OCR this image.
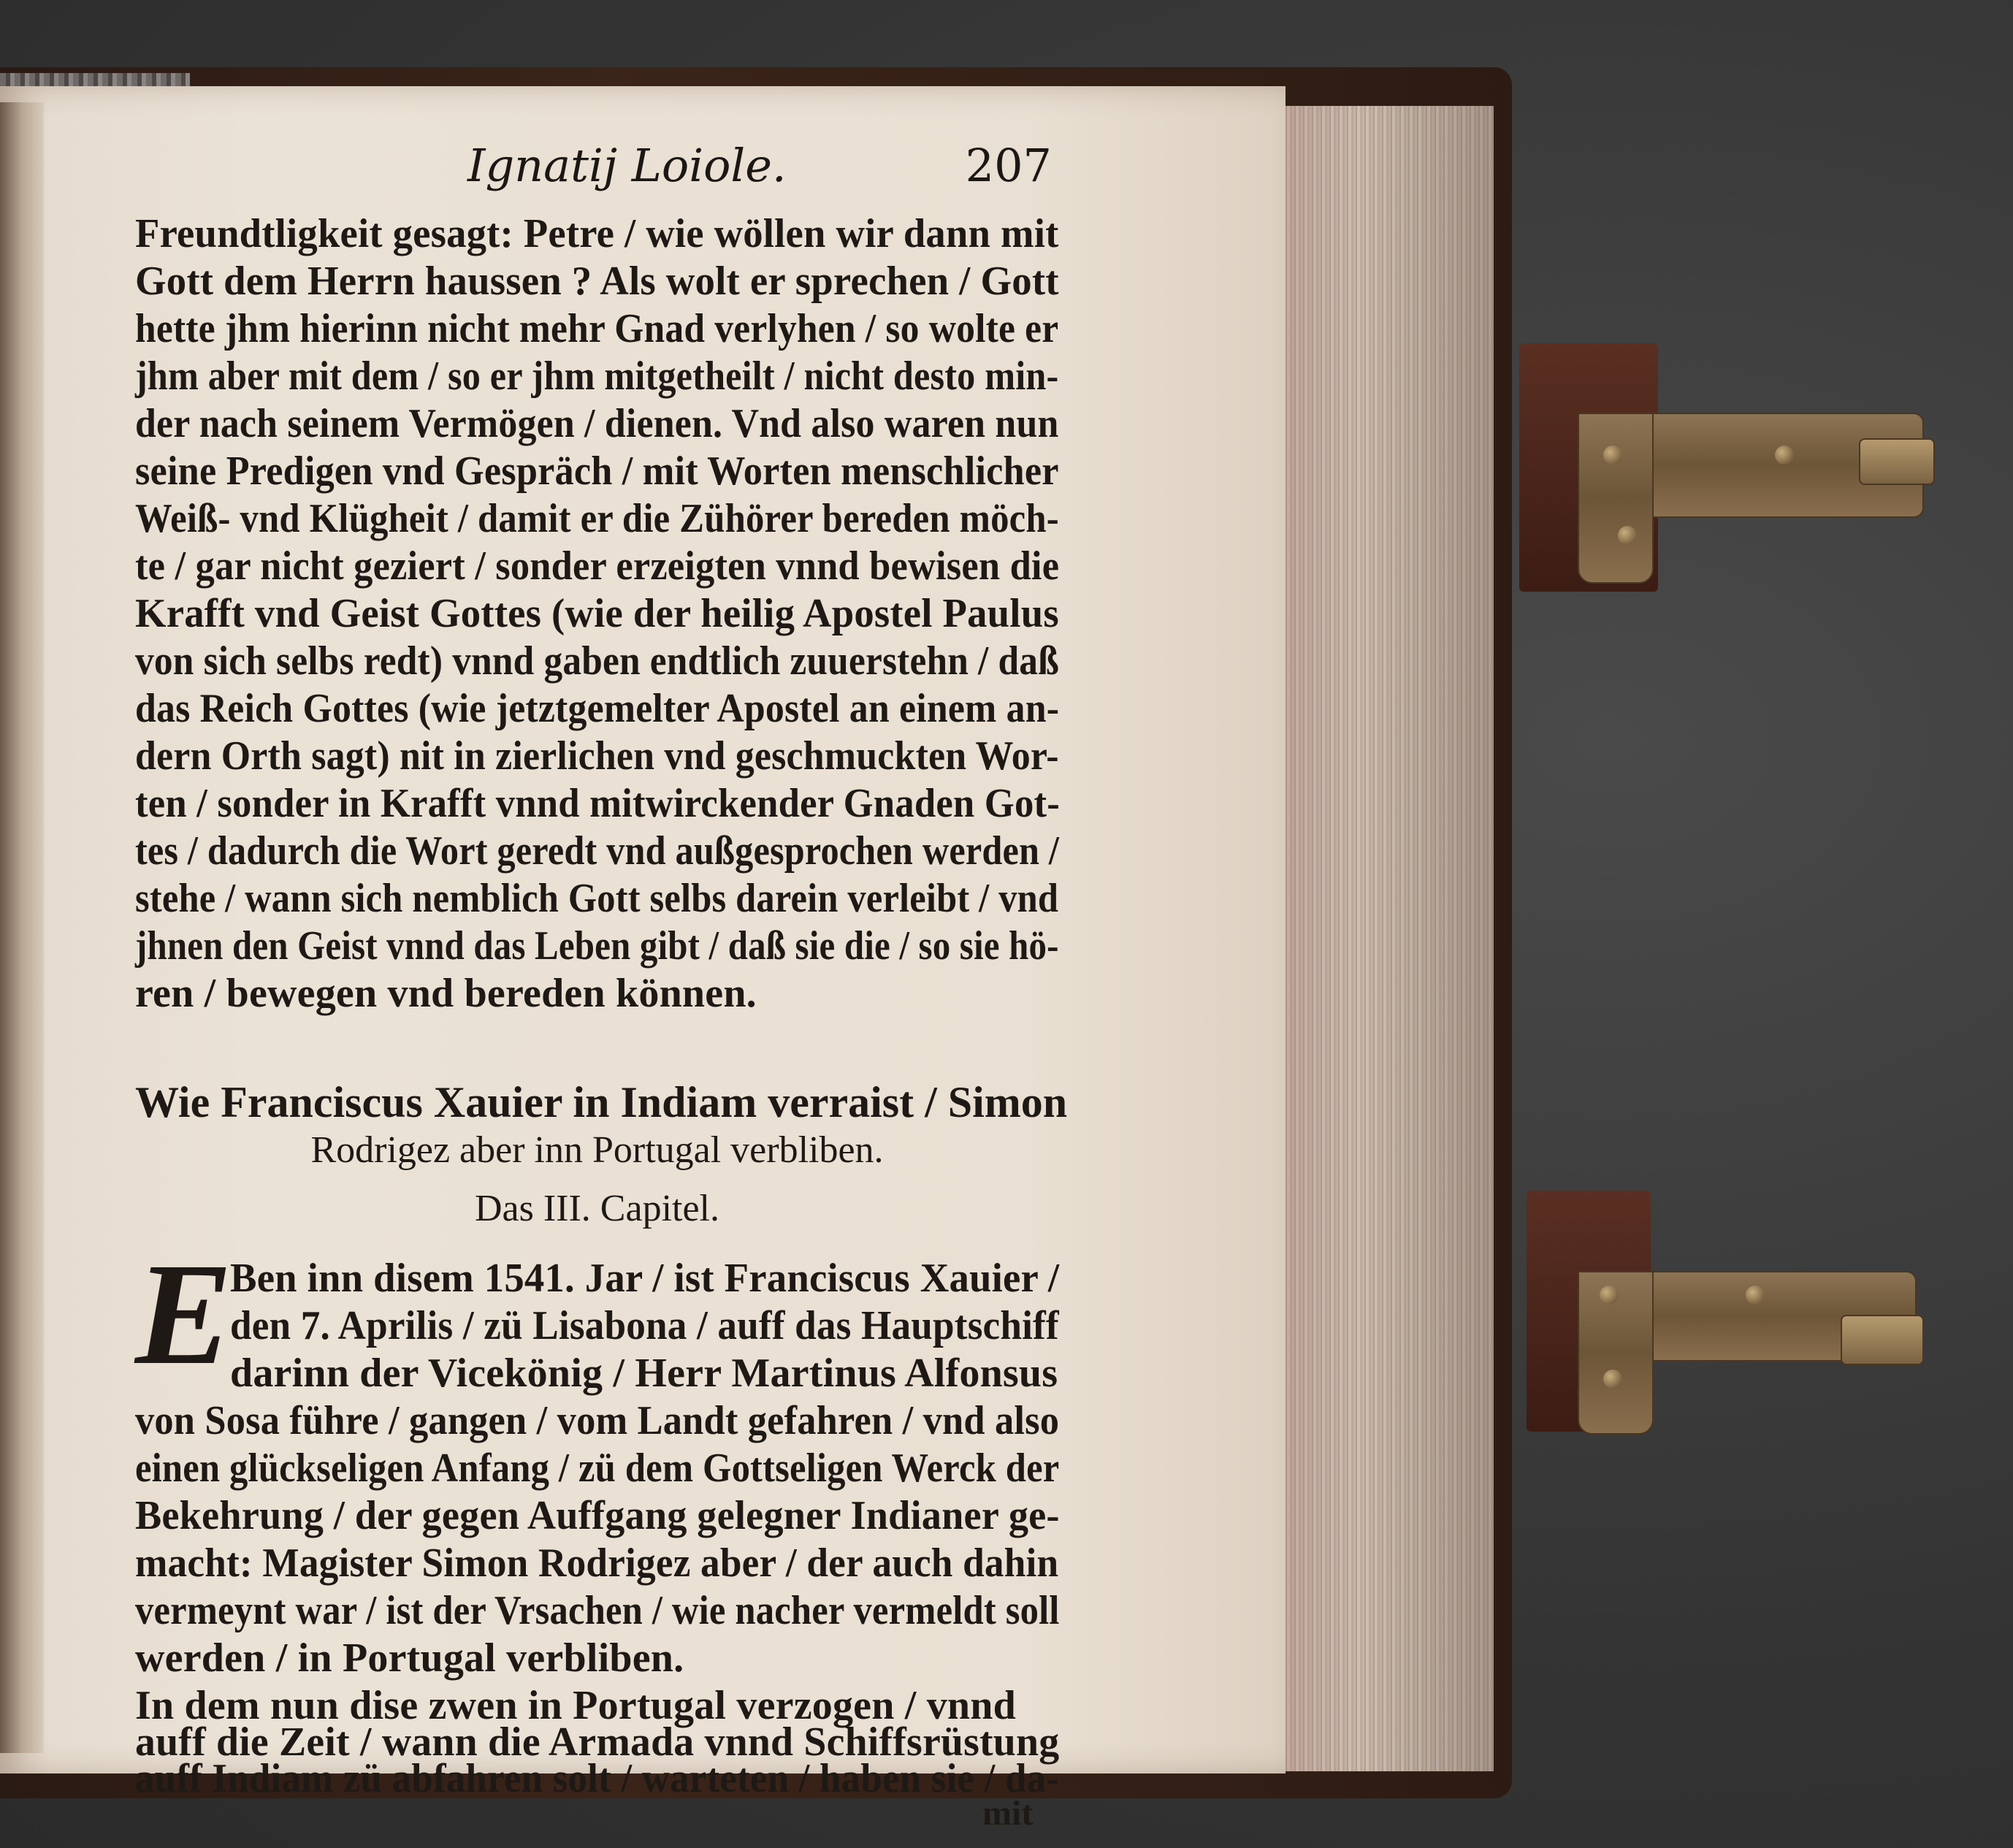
Ignatij Loiole.	207
Freundtligkeit gesagt: Petre / wie wöllen wir dann mit
Gott dem Herrn haussen ? Als wolt er sprechen / Gott
hette jhm hierinn nicht mehr Gnad verlyhen / so wolte er
jhm aber mit dem / so er jhm mitgetheilt / nicht desto min-
der nach seinem Vermögen / dienen. Vnd also waren nun
seine Predigen vnd Gespräch / mit Worten menschlicher
Weiß- vnd Klügheit / damit er die Zühörer bereden möch-
te / gar nicht geziert / sonder erzeigten vnnd bewisen die
Krafft vnd Geist Gottes (wie der heilig Apostel Paulus
von sich selbs redt) vnnd gaben endtlich zuuerstehn / daß
das Reich Gottes (wie jetztgemelter Apostel an einem an-
dern Orth sagt) nit in zierlichen vnd geschmuckten Wor-
ten / sonder in Krafft vnnd mitwirckender Gnaden Got-
tes / dadurch die Wort geredt vnd außgesprochen werden /
stehe / wann sich nemblich Gott selbs darein verleibt / vnd
jhnen den Geist vnnd das Leben gibt / daß sie die / so sie hö-
ren / bewegen vnd bereden können.
Wie Franciscus Xauier in Indiam verraist / Simon
Rodrigez aber inn Portugal verbliben.
Das III. Capitel.
E
Ben inn disem 1541. Jar / ist Franciscus Xauier /
den 7. Aprilis / zü Lisabona / auff das Hauptschiff
darinn der Vicekönig / Herr Martinus Alfonsus
von Sosa führe / gangen / vom Landt gefahren / vnd also
einen glückseligen Anfang / zü dem Gottseligen Werck der
Bekehrung / der gegen Auffgang gelegner Indianer ge-
macht: Magister Simon Rodrigez aber / der auch dahin
vermeynt war / ist der Vrsachen / wie nacher vermeldt soll
werden / in Portugal verbliben.
In dem nun dise zwen in Portugal verzogen / vnnd
auff die Zeit / wann die Armada vnnd Schiffsrüstung
auff Indiam zü abfahren solt / warteten / haben sie / da-
mit
